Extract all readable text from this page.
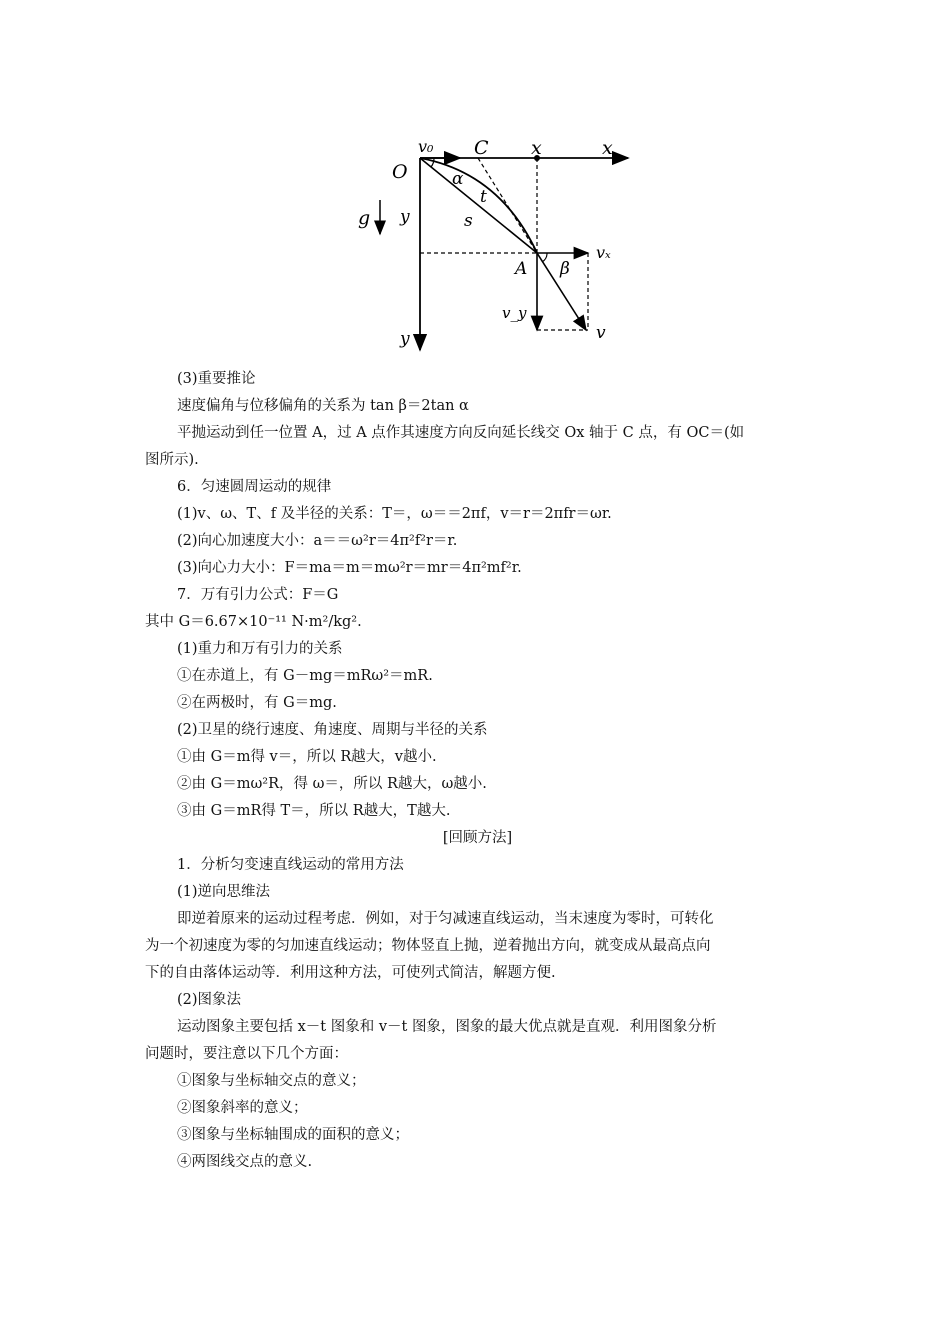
O
v₀ C x	x
α
t
s
g y
A
vₓ
β
v_y
v
y
(3)重要推论
速度偏角与位移偏角的关系为 tan β＝2tan α
平抛运动到任一位置 A，过 A 点作其速度方向反向延长线交 Ox 轴于 C 点，有 OC＝(如
图所示).
6．匀速圆周运动的规律
(1)v、ω、T、f 及半径的关系：T＝，ω＝＝2πf，v＝r＝2πfr＝ωr.
(2)向心加速度大小：a＝＝ω²r＝4π²f²r＝r.
(3)向心力大小：F＝ma＝m＝mω²r＝mr＝4π²mf²r.
7．万有引力公式：F＝G
其中 G＝6.67×10⁻¹¹ N·m²/kg².
(1)重力和万有引力的关系
①在赤道上，有 G－mg＝mRω²＝mR.
②在两极时，有 G＝mg.
(2)卫星的绕行速度、角速度、周期与半径的关系
①由 G＝m得 v＝，所以 R越大，v越小.
②由 G＝mω²R，得 ω＝，所以 R越大，ω越小.
③由 G＝mR得 T＝，所以 R越大，T越大.
[回顾方法]
1．分析匀变速直线运动的常用方法
(1)逆向思维法
即逆着原来的运动过程考虑．例如，对于匀减速直线运动，当末速度为零时，可转化
为一个初速度为零的匀加速直线运动；物体竖直上抛，逆着抛出方向，就变成从最高点向
下的自由落体运动等．利用这种方法，可使列式简洁，解题方便.
(2)图象法
运动图象主要包括 x－t 图象和 v－t 图象，图象的最大优点就是直观．利用图象分析
问题时，要注意以下几个方面：
①图象与坐标轴交点的意义；
②图象斜率的意义；
③图象与坐标轴围成的面积的意义；
④两图线交点的意义.
